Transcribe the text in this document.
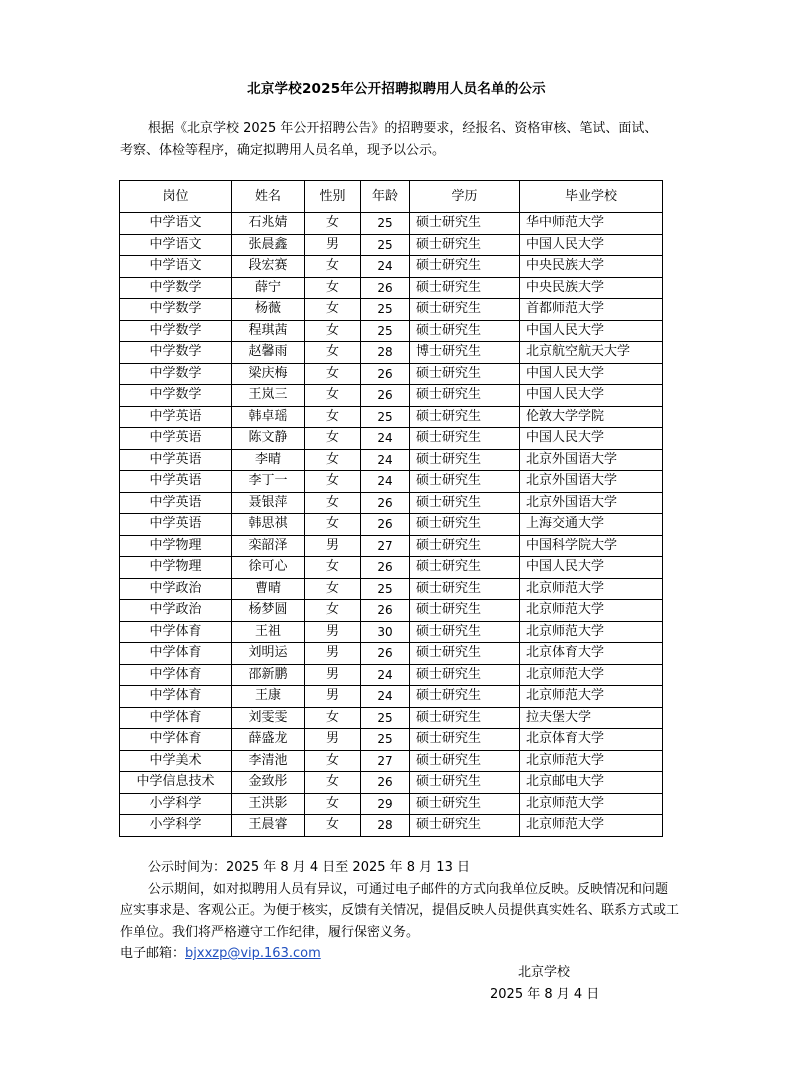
北京学校2025年公开招聘拟聘用人员名单的公示
根据《北京学校 2025 年公开招聘公告》的招聘要求，经报名、资格审核、笔试、面试、考察、体检等程序，确定拟聘用人员名单，现予以公示。
岗位	姓名	性别	年龄	学历	毕业学校
中学语文	石兆婧	女	25	硕士研究生	华中师范大学
中学语文	张晨鑫	男	25	硕士研究生	中国人民大学
中学语文	段宏赛	女	24	硕士研究生	中央民族大学
中学数学	薛宁	女	26	硕士研究生	中央民族大学
中学数学	杨薇	女	25	硕士研究生	首都师范大学
中学数学	程琪茜	女	25	硕士研究生	中国人民大学
中学数学	赵馨雨	女	28	博士研究生	北京航空航天大学
中学数学	梁庆梅	女	26	硕士研究生	中国人民大学
中学数学	王岚三	女	26	硕士研究生	中国人民大学
中学英语	韩卓瑶	女	25	硕士研究生	伦敦大学学院
中学英语	陈文静	女	24	硕士研究生	中国人民大学
中学英语	李晴	女	24	硕士研究生	北京外国语大学
中学英语	李丁一	女	24	硕士研究生	北京外国语大学
中学英语	聂银萍	女	26	硕士研究生	北京外国语大学
中学英语	韩思祺	女	26	硕士研究生	上海交通大学
中学物理	栾韶泽	男	27	硕士研究生	中国科学院大学
中学物理	徐可心	女	26	硕士研究生	中国人民大学
中学政治	曹晴	女	25	硕士研究生	北京师范大学
中学政治	杨梦圆	女	26	硕士研究生	北京师范大学
中学体育	王祖	男	30	硕士研究生	北京师范大学
中学体育	刘明运	男	26	硕士研究生	北京体育大学
中学体育	邵新鹏	男	24	硕士研究生	北京师范大学
中学体育	王康	男	24	硕士研究生	北京师范大学
中学体育	刘雯雯	女	25	硕士研究生	拉夫堡大学
中学体育	薛盛龙	男	25	硕士研究生	北京体育大学
中学美术	李清池	女	27	硕士研究生	北京师范大学
中学信息技术	金致彤	女	26	硕士研究生	北京邮电大学
小学科学	王洪影	女	29	硕士研究生	北京师范大学
小学科学	王晨睿	女	28	硕士研究生	北京师范大学
公示时间为：2025 年 8 月 4 日至 2025 年 8 月 13 日
公示期间，如对拟聘用人员有异议，可通过电子邮件的方式向我单位反映。反映情况和问题应实事求是、客观公正。为便于核实，反馈有关情况，提倡反映人员提供真实姓名、联系方式或工作单位。我们将严格遵守工作纪律，履行保密义务。
电子邮箱：bjxxzp@vip.163.com
北京学校
2025 年 8 月 4 日
